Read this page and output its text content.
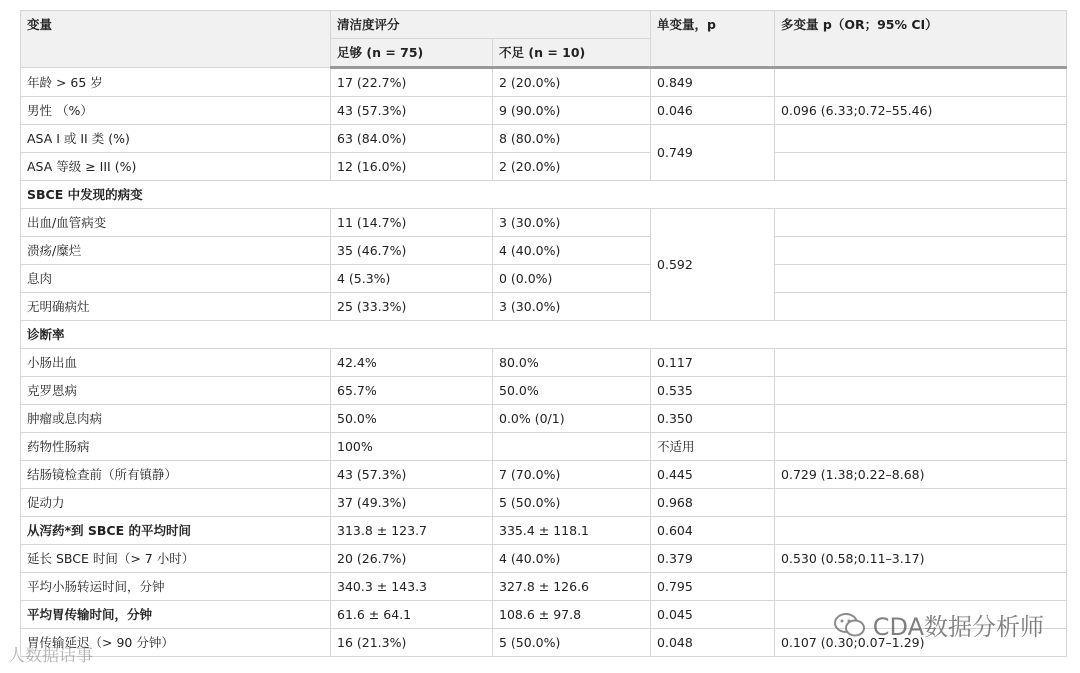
变量	清洁度评分		单变量，p	多变量 p（OR；95% CI）
	足够 (n = 75)	不足 (n = 10)		
年龄 > 65 岁	17 (22.7%)	2 (20.0%)	0.849	
男性 （%）	43 (57.3%)	9 (90.0%)	0.046	0.096 (6.33;0.72–55.46)
ASA I 或 II 类 (%)	63 (84.0%)	8 (80.0%)	0.749	
ASA 等级 ≥ III (%)	12 (16.0%)	2 (20.0%)		
SBCE 中发现的病变				
出血/血管病变	11 (14.7%)	3 (30.0%)	0.592	
溃疡/糜烂	35 (46.7%)	4 (40.0%)		
息肉	4 (5.3%)	0 (0.0%)		
无明确病灶	25 (33.3%)	3 (30.0%)		
诊断率				
小肠出血	42.4%	80.0%	0.117	
克罗恩病	65.7%	50.0%	0.535	
肿瘤或息肉病	50.0%	0.0% (0/1)	0.350	
药物性肠病	100%		不适用	
结肠镜检查前（所有镇静）	43 (57.3%)	7 (70.0%)	0.445	0.729 (1.38;0.22–8.68)
促动力	37 (49.3%)	5 (50.0%)	0.968	
从泻药*到 SBCE 的平均时间	313.8 ± 123.7	335.4 ± 118.1	0.604	
延长 SBCE 时间（> 7 小时）	20 (26.7%)	4 (40.0%)	0.379	0.530 (0.58;0.11–3.17)
平均小肠转运时间，分钟	340.3 ± 143.3	327.8 ± 126.6	0.795	
平均胃传输时间，分钟	61.6 ± 64.1	108.6 ± 97.8	0.045	
胃传输延迟（> 90 分钟）	16 (21.3%)	5 (50.0%)	0.048	0.107 (0.30;0.07–1.29)
CDA数据分析师
人数据话事
